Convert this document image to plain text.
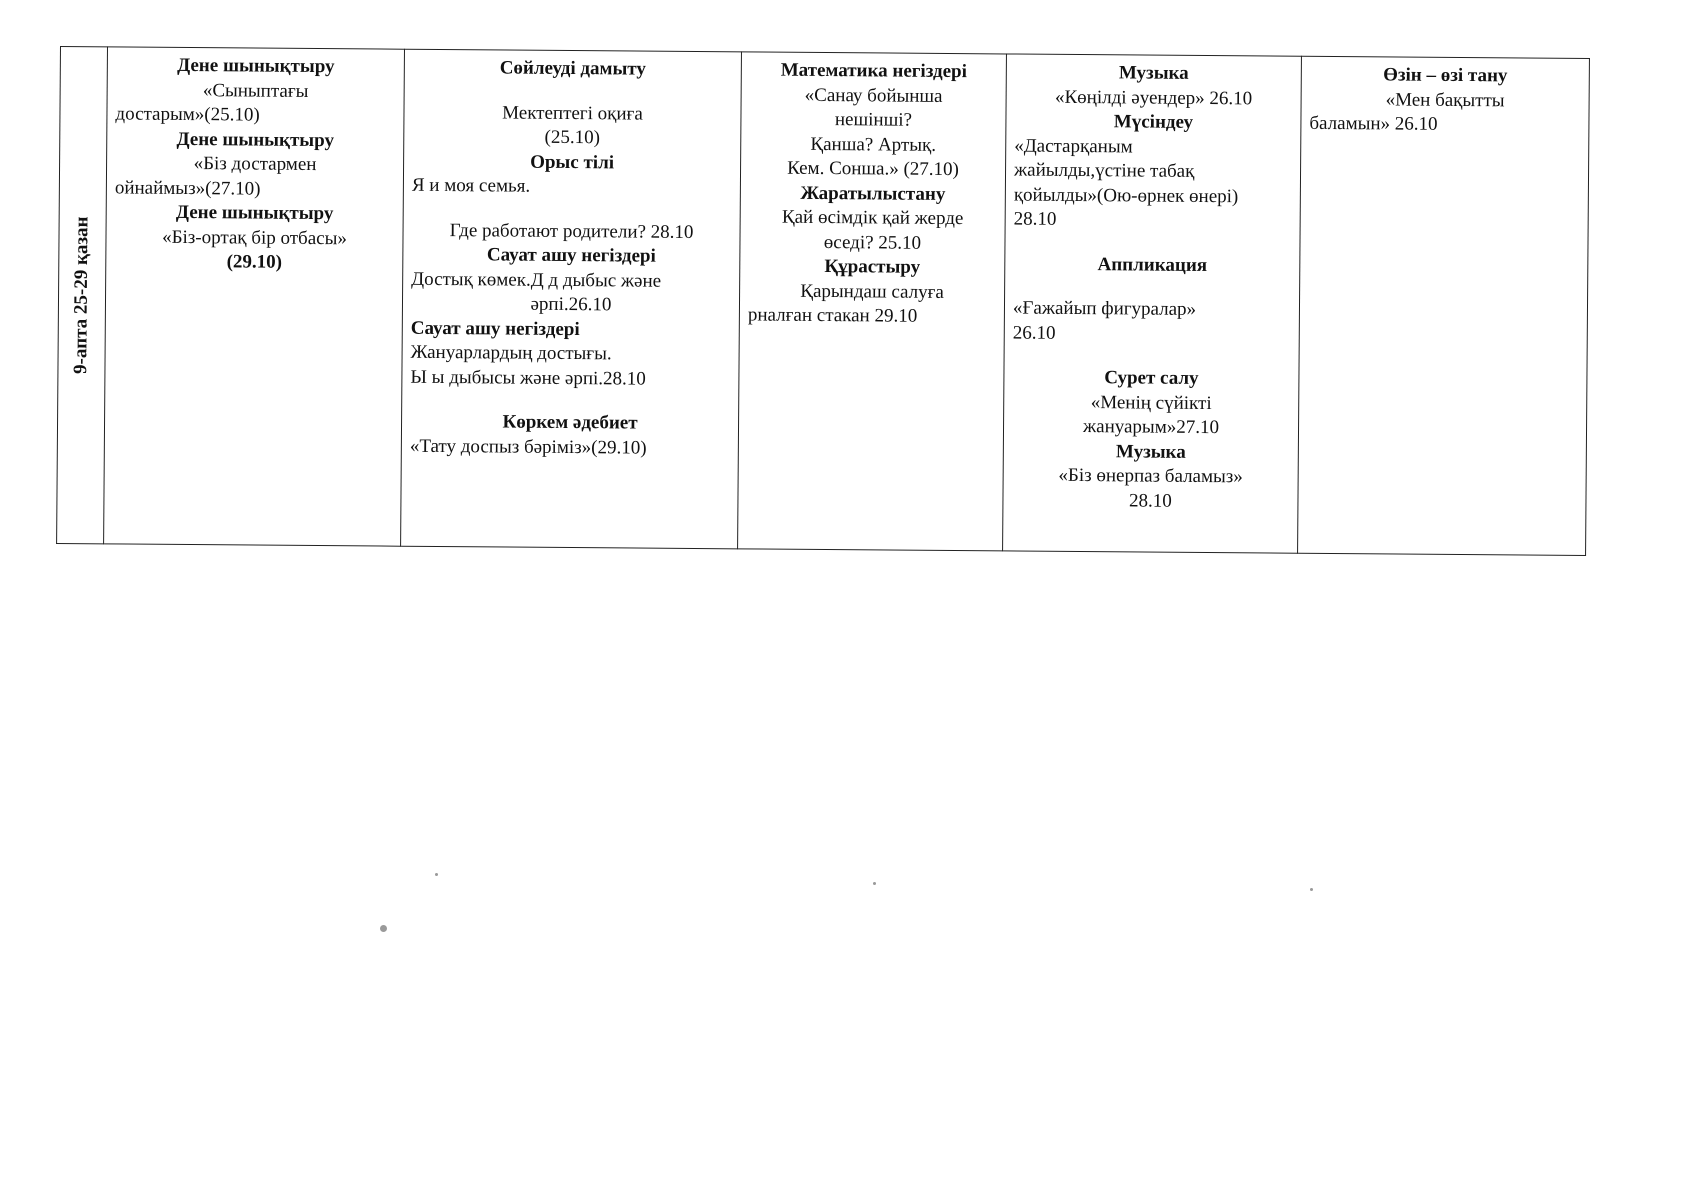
9-апта 25-29 қазан

Дене шынықтыру
«Сыныптағы
достарым»(25.10)
Дене шынықтыру
«Біз достармен
ойнаймыз»(27.10)
Дене шынықтыру
«Біз-ортақ бір отбасы»
(29.10)

Сөйлеуді дамыту
Мектептегі оқиға
(25.10)
Орыс тілі
Я и моя семья.
Где работают родители? 28.10
Сауат ашу негіздері
Достық көмек.Д д дыбыс және
әрпі.26.10
Сауат ашу негіздері
Жануарлардың достығы.
Ы ы дыбысы және әрпі.28.10
Көркем әдебиет
«Тату доспыз бәріміз»(29.10)

Математика негіздері
«Санау бойынша
нешінші?
Қанша? Артық.
Кем. Сонша.» (27.10)
Жаратылыстану
Қай өсімдік қай жерде
өседі? 25.10
Құрастыру
Қарындаш салуға
рналған стакан 29.10

Музыка
«Көңілді әуендер» 26.10
Мүсіндеу
«Дастарқаным
жайылды,үстіне табақ
қойылды»(Ою-өрнек өнері)
28.10
Аппликация
«Ғажайып фигуралар»
26.10
Сурет салу
«Менің сүйікті
жануарым»27.10
Музыка
«Біз өнерпаз баламыз»
28.10

Өзін – өзі тану
«Мен бақытты
баламын» 26.10
